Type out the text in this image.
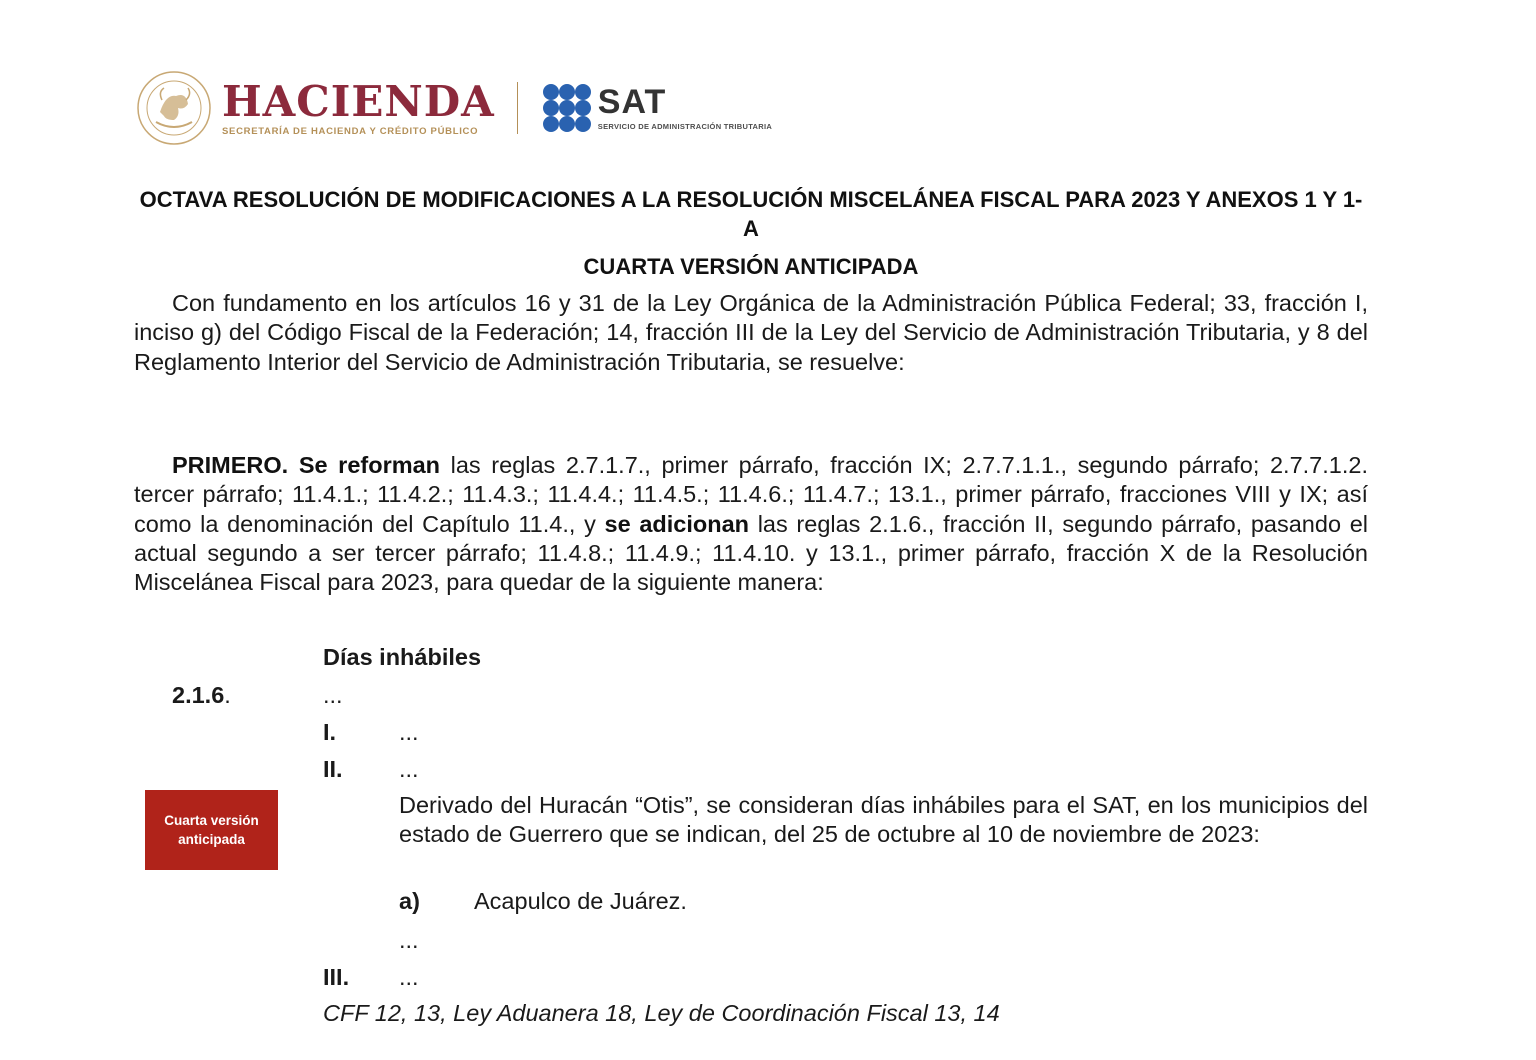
HACIENDA
SECRETARÍA DE HACIENDA Y CRÉDITO PÚBLICO
SAT
SERVICIO DE ADMINISTRACIÓN TRIBUTARIA
OCTAVA RESOLUCIÓN DE MODIFICACIONES A LA RESOLUCIÓN MISCELÁNEA FISCAL PARA 2023 Y ANEXOS 1 Y 1-A
CUARTA VERSIÓN ANTICIPADA

Con fundamento en los artículos 16 y 31 de la Ley Orgánica de la Administración Pública Federal; 33, fracción I, inciso g) del Código Fiscal de la Federación; 14, fracción III de la Ley del Servicio de Administración Tributaria, y 8 del Reglamento Interior del Servicio de Administración Tributaria, se resuelve:

PRIMERO. Se reforman las reglas 2.7.1.7., primer párrafo, fracción IX; 2.7.7.1.1., segundo párrafo; 2.7.7.1.2. tercer párrafo; 11.4.1.; 11.4.2.; 11.4.3.; 11.4.4.; 11.4.5.; 11.4.6.; 11.4.7.; 13.1., primer párrafo, fracciones VIII y IX; así como la denominación del Capítulo 11.4., y se adicionan las reglas 2.1.6., fracción II, segundo párrafo, pasando el actual segundo a ser tercer párrafo; 11.4.8.; 11.4.9.; 11.4.10. y 13.1., primer párrafo, fracción X de la Resolución Miscelánea Fiscal para 2023, para quedar de la siguiente manera:

Días inhábiles
2.1.6.	...
I.	...
II. ...
Cuarta versión anticipada

Derivado del Huracán “Otis”, se consideran días inhábiles para el SAT, en los municipios del estado de Guerrero que se indican, del 25 de octubre al 10 de noviembre de 2023:

a) Acapulco de Juárez.
...
III. ...
CFF 12, 13, Ley Aduanera 18, Ley de Coordinación Fiscal 13, 14
